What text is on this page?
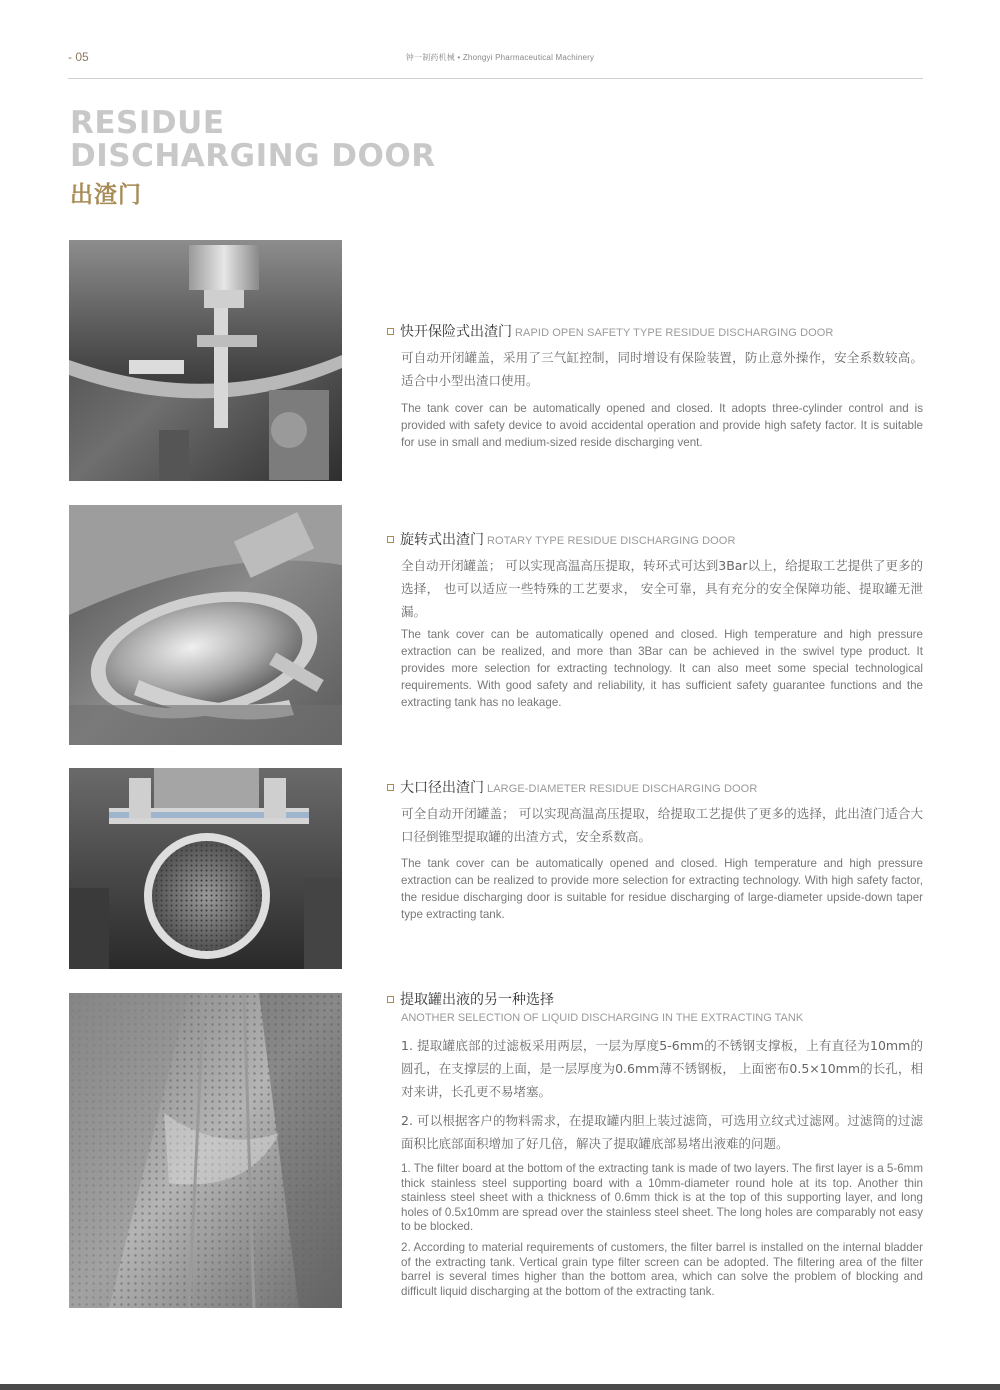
- 05	钟一制药机械 • Zhongyi Pharmaceutical Machinery
RESIDUE
DISCHARGING DOOR
出渣门
快开保险式出渣门 RAPID OPEN SAFETY TYPE RESIDUE DISCHARGING DOOR
可自动开闭罐盖，采用了三气缸控制，同时增设有保险装置，防止意外操作，安全系数较高。适合中小型出渣口使用。
The tank cover can be automatically opened and closed. It adopts three-cylinder control and is provided with safety device to avoid accidental operation and provide high safety factor. It is suitable for use in small and medium-sized reside discharging vent.
旋转式出渣门 ROTARY TYPE RESIDUE DISCHARGING DOOR
全自动开闭罐盖； 可以实现高温高压提取，转环式可达到3Bar以上，给提取工艺提供了更多的选择， 也可以适应一些特殊的工艺要求， 安全可靠，具有充分的安全保障功能、提取罐无泄漏。
The tank cover can be automatically opened and closed. High temperature and high pressure extraction can be realized, and more than 3Bar can be achieved in the swivel type product. It provides more selection for extracting technology. It can also meet some special technological requirements. With good safety and reliability, it has sufficient safety guarantee functions and the extracting tank has no leakage.
大口径出渣门 LARGE-DIAMETER RESIDUE DISCHARGING DOOR
可全自动开闭罐盖； 可以实现高温高压提取，给提取工艺提供了更多的选择，此出渣门适合大口径倒锥型提取罐的出渣方式，安全系数高。
The tank cover can be automatically opened and closed. High temperature and high pressure extraction can be realized to provide more selection for extracting technology. With high safety factor, the residue discharging door is suitable for residue discharging of large-diameter upside-down taper type extracting tank.
提取罐出液的另一种选择
ANOTHER SELECTION OF LIQUID DISCHARGING IN THE EXTRACTING TANK
1. 提取罐底部的过滤板采用两层，一层为厚度5-6mm的不锈钢支撑板，上有直径为10mm的圆孔，在支撑层的上面，是一层厚度为0.6mm薄不锈钢板， 上面密布0.5×10mm的长孔，相对来讲，长孔更不易堵塞。
2. 可以根据客户的物料需求，在提取罐内胆上装过滤筒，可选用立纹式过滤网。过滤筒的过滤面积比底部面积增加了好几倍，解决了提取罐底部易堵出液难的问题。
1. The filter board at the bottom of the extracting tank is made of two layers. The first layer is a 5-6mm thick stainless steel supporting board with a 10mm-diameter round hole at its top. Another thin stainless steel sheet with a thickness of 0.6mm thick is at the top of this supporting layer, and long holes of 0.5x10mm are spread over the stainless steel sheet. The long holes are comparably not easy to be blocked.
2. According to material requirements of customers, the filter barrel is installed on the internal bladder of the extracting tank. Vertical grain type filter screen can be adopted. The filtering area of the filter barrel is several times higher than the bottom area, which can solve the problem of blocking and difficult liquid discharging at the bottom of the extracting tank.
